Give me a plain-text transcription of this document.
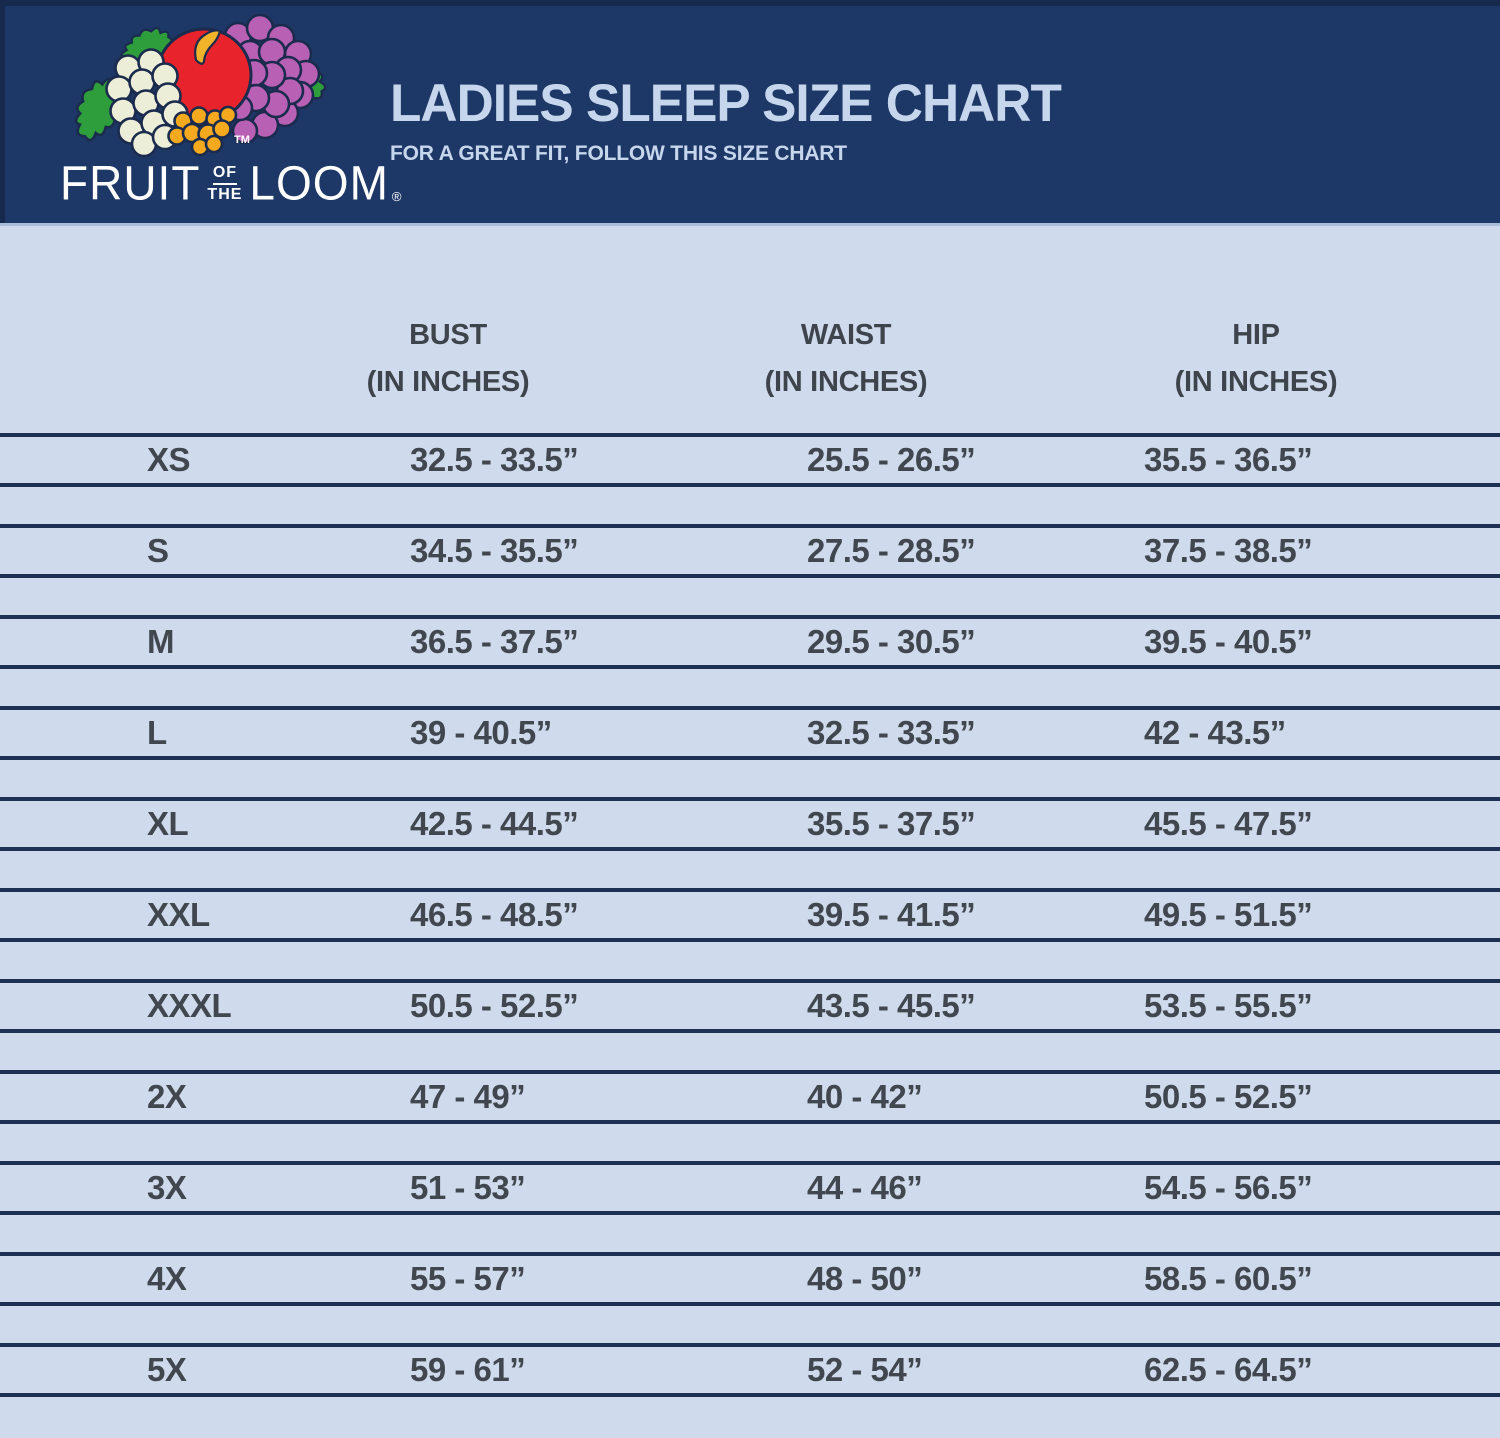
TM
FRUIT OF
THE LOOM ®
LADIES SLEEP SIZE CHART
FOR A GREAT FIT, FOLLOW THIS SIZE CHART
BUST
(IN INCHES)
WAIST
(IN INCHES)
HIP
(IN INCHES)
XS	32.5 - 33.5”	25.5 - 26.5”	35.5 - 36.5”
S	34.5 - 35.5”	27.5 - 28.5”	37.5 - 38.5”
M	36.5 - 37.5”	29.5 - 30.5”	39.5 - 40.5”
L	39 - 40.5”	32.5 - 33.5”	42 - 43.5”
XL	42.5 - 44.5”	35.5 - 37.5”	45.5 - 47.5”
XXL	46.5 - 48.5”	39.5 - 41.5”	49.5 - 51.5”
XXXL	50.5 - 52.5”	43.5 - 45.5”	53.5 - 55.5”
2X	47 - 49”	40 - 42”	50.5 - 52.5”
3X	51 - 53”	44 - 46”	54.5 - 56.5”
4X	55 - 57”	48 - 50”	58.5 - 60.5”
5X	59 - 61”	52 - 54”	62.5 - 64.5”
